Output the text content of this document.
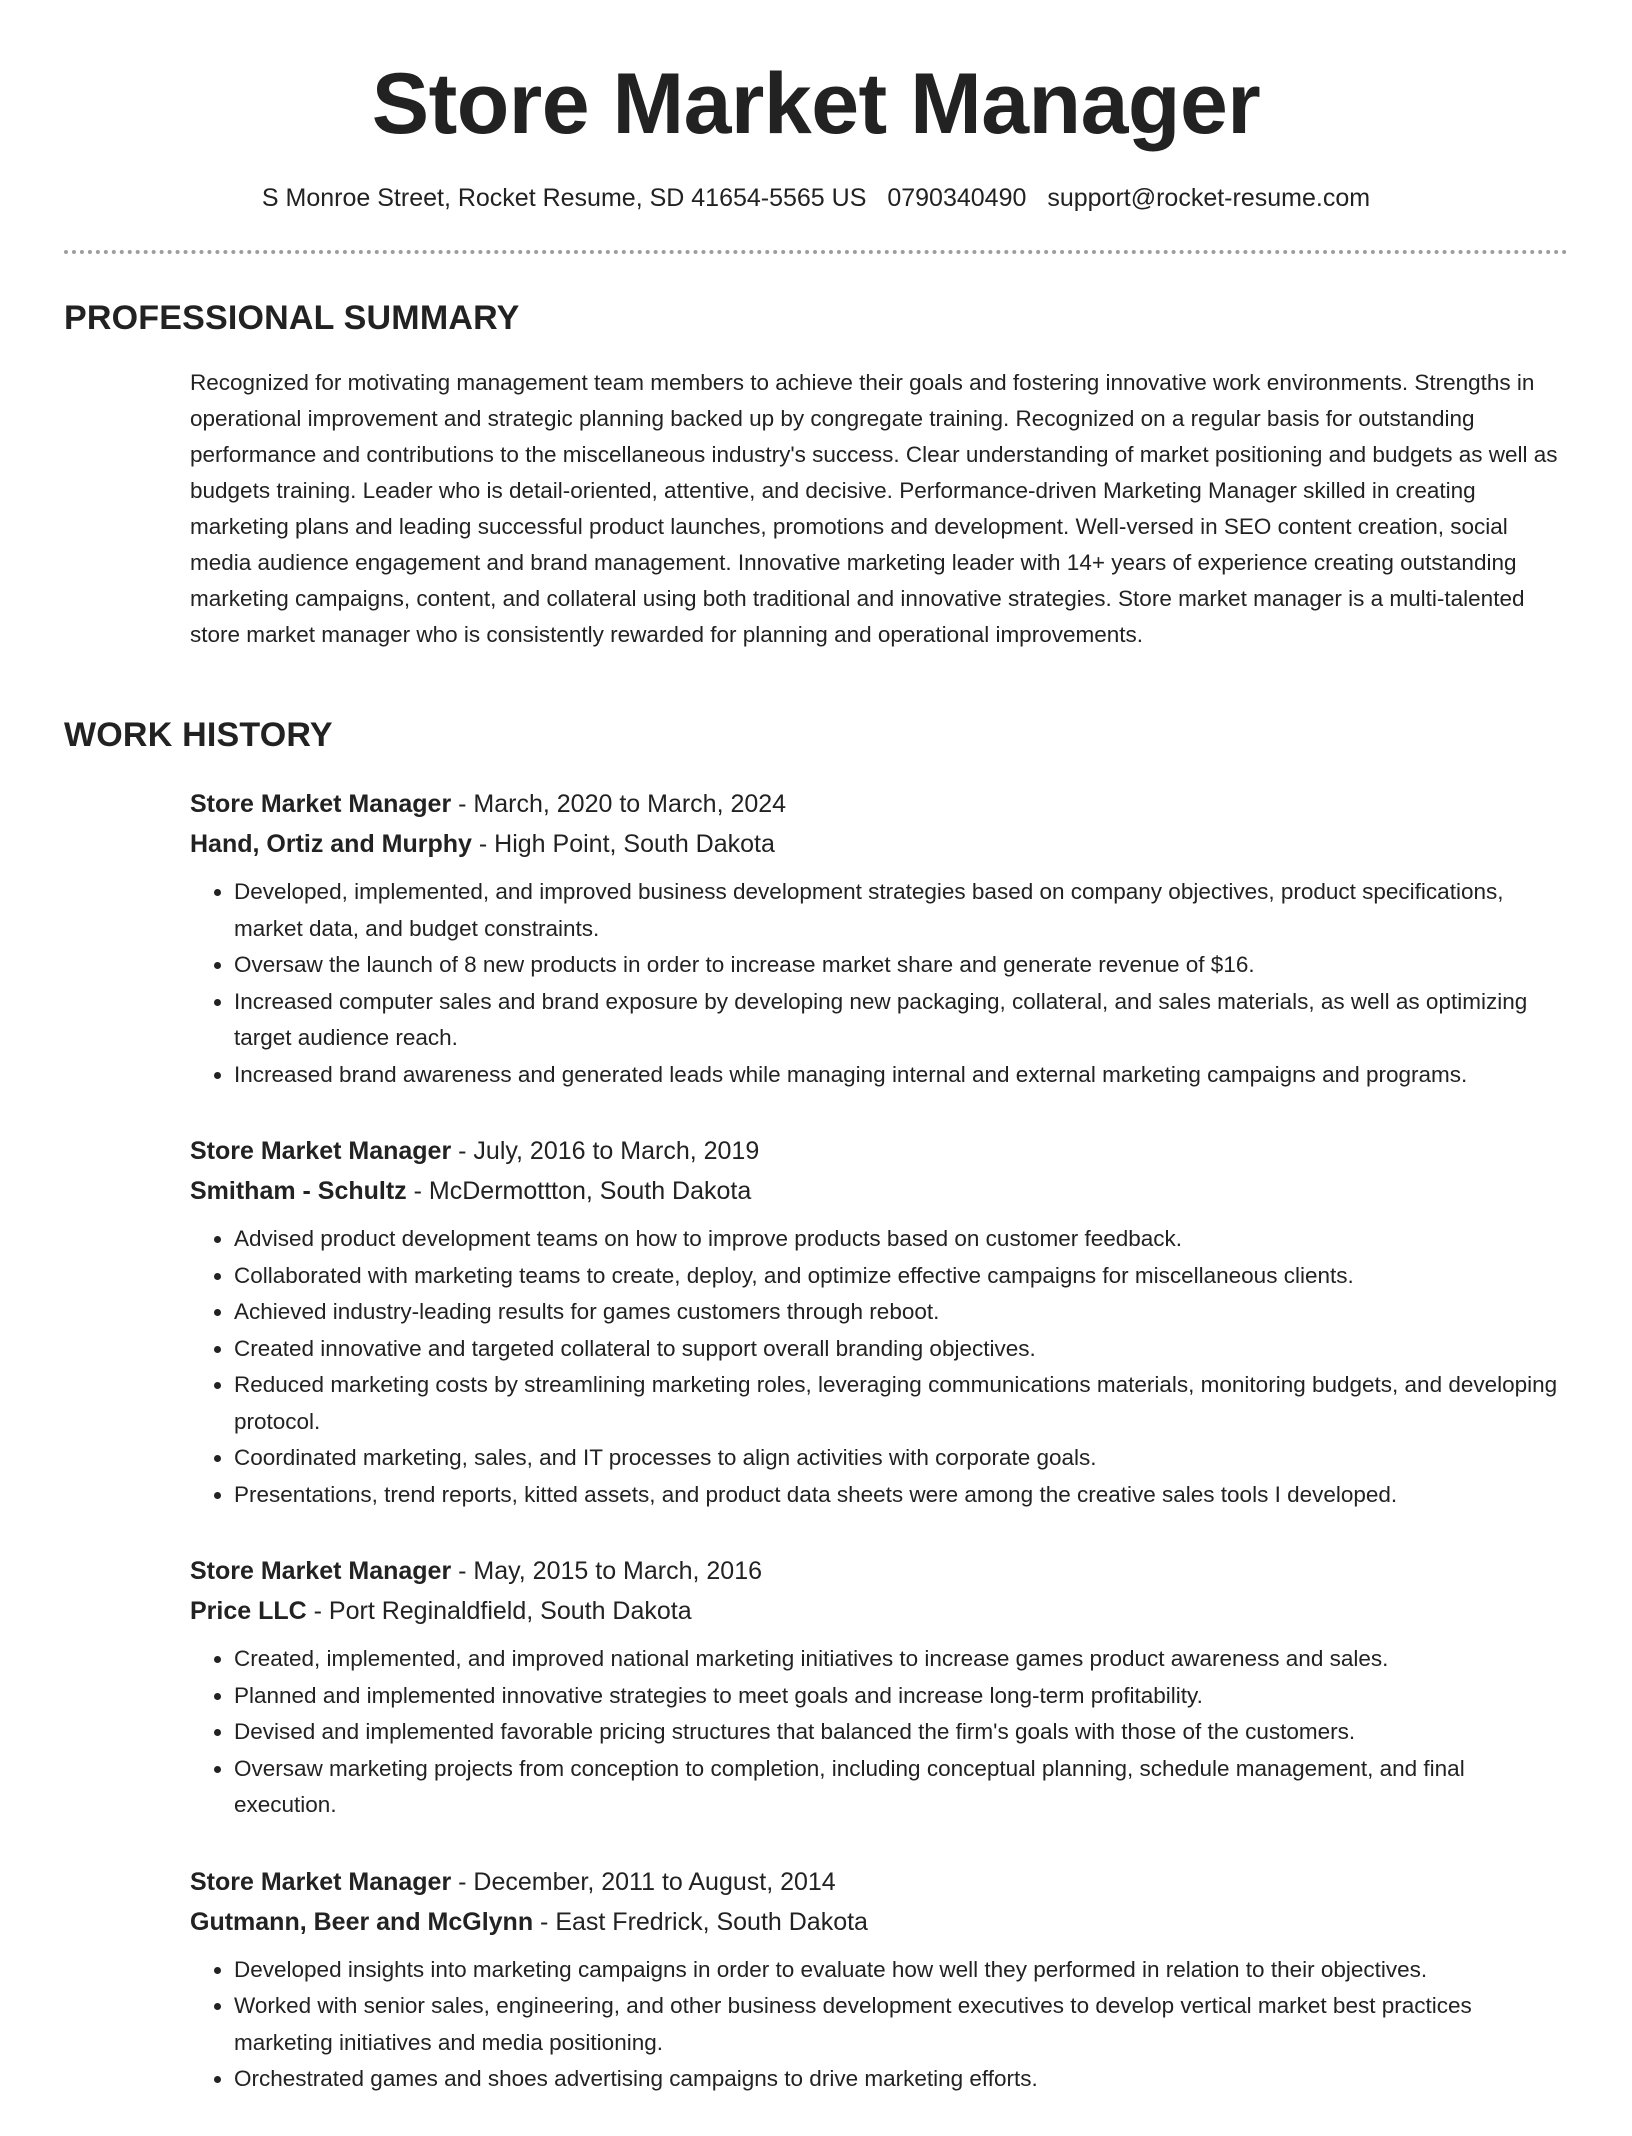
Store Market Manager
S Monroe Street, Rocket Resume, SD 41654-5565 US 0790340490 support@rocket-resume.com
PROFESSIONAL SUMMARY

Recognized for motivating management team members to achieve their goals and fostering innovative work environments. Strengths in operational improvement and strategic planning backed up by congregate training. Recognized on a regular basis for outstanding performance and contributions to the miscellaneous industry's success. Clear understanding of market positioning and budgets as well as budgets training. Leader who is detail-oriented, attentive, and decisive. Performance-driven Marketing Manager skilled in creating marketing plans and leading successful product launches, promotions and development. Well-versed in SEO content creation, social media audience engagement and brand management. Innovative marketing leader with 14+ years of experience creating outstanding marketing campaigns, content, and collateral using both traditional and innovative strategies. Store market manager is a multi-talented store market manager who is consistently rewarded for planning and operational improvements.

WORK HISTORY
Store Market Manager - March, 2020 to March, 2024
Hand, Ortiz and Murphy - High Point, South Dakota
• Developed, implemented, and improved business development strategies based on company objectives, product specifications, market data, and budget constraints.
• Oversaw the launch of 8 new products in order to increase market share and generate revenue of $16.
• Increased computer sales and brand exposure by developing new packaging, collateral, and sales materials, as well as optimizing target audience reach.
• Increased brand awareness and generated leads while managing internal and external marketing campaigns and programs.
Store Market Manager - July, 2016 to March, 2019
Smitham - Schultz - McDermottton, South Dakota
• Advised product development teams on how to improve products based on customer feedback.
• Collaborated with marketing teams to create, deploy, and optimize effective campaigns for miscellaneous clients.
• Achieved industry-leading results for games customers through reboot.
• Created innovative and targeted collateral to support overall branding objectives.
• Reduced marketing costs by streamlining marketing roles, leveraging communications materials, monitoring budgets, and developing protocol.
• Coordinated marketing, sales, and IT processes to align activities with corporate goals.
• Presentations, trend reports, kitted assets, and product data sheets were among the creative sales tools I developed.
Store Market Manager - May, 2015 to March, 2016
Price LLC - Port Reginaldfield, South Dakota
• Created, implemented, and improved national marketing initiatives to increase games product awareness and sales.
• Planned and implemented innovative strategies to meet goals and increase long-term profitability.
• Devised and implemented favorable pricing structures that balanced the firm's goals with those of the customers.
• Oversaw marketing projects from conception to completion, including conceptual planning, schedule management, and final execution.
Store Market Manager - December, 2011 to August, 2014
Gutmann, Beer and McGlynn - East Fredrick, South Dakota
• Developed insights into marketing campaigns in order to evaluate how well they performed in relation to their objectives.
• Worked with senior sales, engineering, and other business development executives to develop vertical market best practices marketing initiatives and media positioning.
• Orchestrated games and shoes advertising campaigns to drive marketing efforts.
